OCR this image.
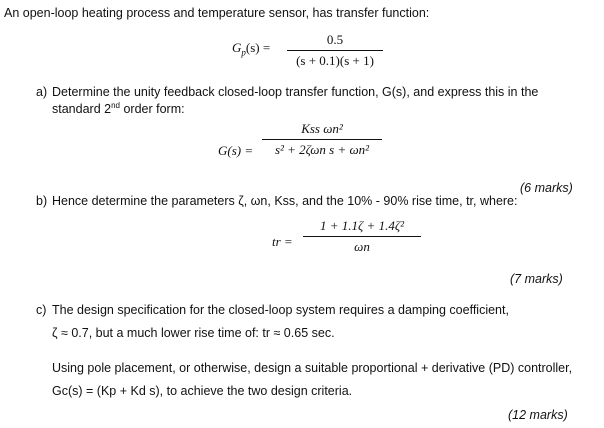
An open-loop heating process and temperature sensor, has transfer function:
$G_p(s)$ =
0.5
(s + 0.1)(s + 1)
a) Determine the unity feedback closed-loop transfer function, G(s), and express this in the
standard 2nd order form:
G(s) =
Kss ωn²
s² + 2ζωn s + ωn²
(6 marks)
b) Hence determine the parameters ζ, ωn, Kss, and the 10% - 90% rise time, tr, where:
tr =
1 + 1.1ζ + 1.4ζ²
ωn
(7 marks)
c) The design specification for the closed-loop system requires a damping coefficient,
ζ ≈ 0.7, but a much lower rise time of: tr ≈ 0.65 sec.
Using pole placement, or otherwise, design a suitable proportional + derivative (PD) controller,
Gc(s) = (Kp + Kd s), to achieve the two design criteria.
(12 marks)
